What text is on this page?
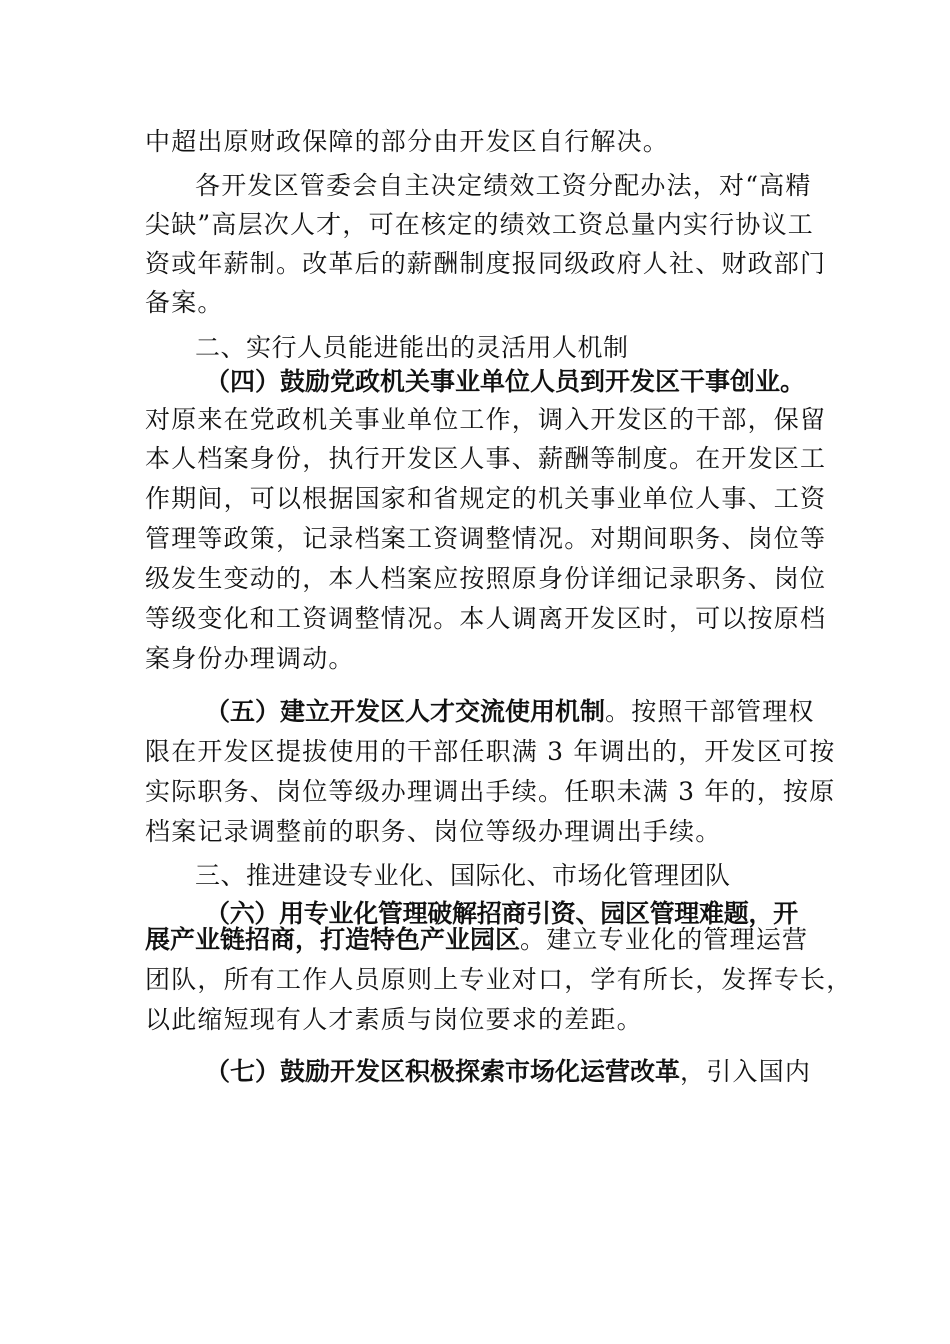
中超出原财政保障的部分由开发区自行解决。
各开发区管委会自主决定绩效工资分配办法，对“高精
尖缺”高层次人才，可在核定的绩效工资总量内实行协议工
资或年薪制。改革后的薪酬制度报同级政府人社、财政部门
备案。
二、实行人员能进能出的灵活用人机制
（四）鼓励党政机关事业单位人员到开发区干事创业。
对原来在党政机关事业单位工作，调入开发区的干部，保留
本人档案身份，执行开发区人事、薪酬等制度。在开发区工
作期间，可以根据国家和省规定的机关事业单位人事、工资
管理等政策，记录档案工资调整情况。对期间职务、岗位等
级发生变动的，本人档案应按照原身份详细记录职务、岗位
等级变化和工资调整情况。本人调离开发区时，可以按原档
案身份办理调动。
（五）建立开发区人才交流使用机制。按照干部管理权
限在开发区提拔使用的干部任职满 3 年调出的，开发区可按
实际职务、岗位等级办理调出手续。任职未满 3 年的，按原
档案记录调整前的职务、岗位等级办理调出手续。
三、推进建设专业化、国际化、市场化管理团队
（六）用专业化管理破解招商引资、园区管理难题，开
展产业链招商，打造特色产业园区。建立专业化的管理运营
团队，所有工作人员原则上专业对口，学有所长，发挥专长，
以此缩短现有人才素质与岗位要求的差距。
（七）鼓励开发区积极探索市场化运营改革，引入国内
